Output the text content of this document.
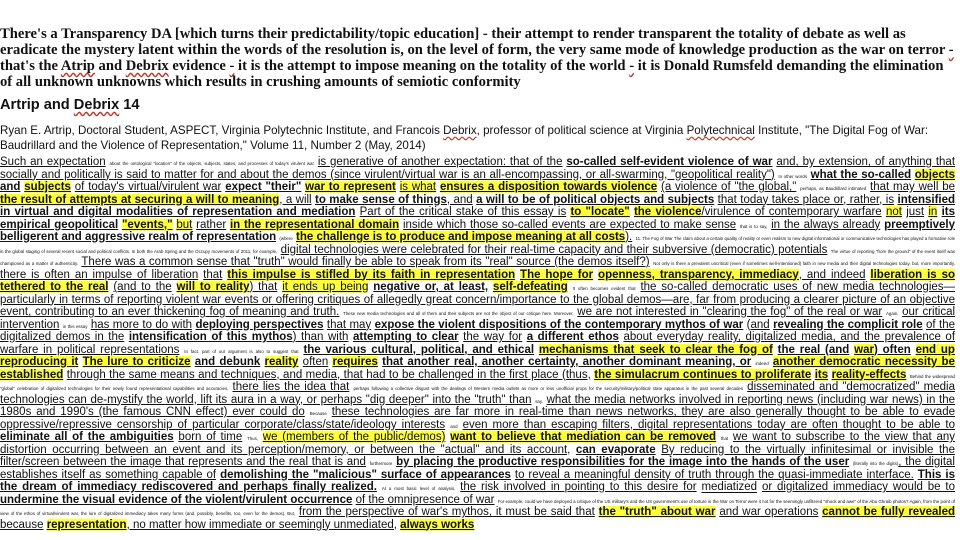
There's a Transparency DA [which turns their predictability/topic education] - their attempt to render transparent the totality of debate as well as eradicate the mystery latent within the words of the resolution is, on the level of form, the very same mode of knowledge production as the war on terror - that's the Atrip and Debrix evidence - it is the attempt to impose meaning on the totality of the world - it is Donald Rumsfeld demanding the elimination of all unknown unknowns which results in crushing amounts of semiotic conformity
Artrip and Debrix 14
Ryan E. Artrip, Doctoral Student, ASPECT, Virginia Polytechnic Institute, and Francois Debrix, professor of political science at Virginia Polytechnical Institute, "The Digital Fog of War: Baudrillard and the Violence of Representation," Volume 11, Number 2 (May, 2014)
Such an expectation about the ontological "location" of the objects, subjects, states, and processes of today's virulent war is generative of another expectation: that of the so-called self-evident violence of war and, by extension, of anything that socially and politically is said to matter for and about the demos (since virulent/virtual war is an all-encompassing, or all-swarming, "geopolitical reality") In other words what the so-called objects and subjects of today's virtual/virulent war expect "their" war to represent is what ensures a disposition towards violence (a violence of "the global," perhaps, as Baudrillard intimated that may well be the result of attempts at securing a will to meaning, a will to make sense of things, and a will to be of political objects and subjects that today takes place or, rather, is intensified in virtual and digital modalities of representation and mediation Part of the critical stake of this essay is to "locate" the violence/virulence of contemporary warfare not just in its empirical geopolitical "events," but rather in the representational domain inside which those so-called events are expected to make sense that is to say, in the always already preemptively belligerent and aggressive realm of representation (where the challenge is to produce and impose meaning at all costs). 11. The Fog of War The claim about a certain quality of reality or even realism to new digital informational or communicative technologies has played a formative role in the global staging of several recent social and political conflicts. In both the Arab Spring and the Occupy movements of 2011, for example, digital technologies were celebrated for their real-time capacity and their subversive (democratic) potentials The virtue of reporting "from the ground" of the event itself was championed as a matter of authenticity. There was a common sense that "truth" would finally be able to speak from its "real" source (the demos itself?) Not only is there a prevalent uncritical (even if sometimes well-intentioned) faith in new media and their digital technologies today, but, more importantly, there is often an impulse of liberation that this impulse is stifled by its faith in representation The hope for openness, transparency, immediacy, and indeed liberation is so tethered to the real (and to the will to reality) that it ends up being negative or, at least, self-defeating It often becomes evident that the so-called democratic uses of new media technologies—particularly in terms of reporting violent war events or offering critiques of allegedly great concern/importance to the global demos—are, far from producing a clearer picture of an objective event, contributing to an ever thickening fog of meaning and truth. These new media technologies and all of them and their subjects are not the object of our critique here. Moreover, we are not interested in "clearing the fog" of the real or war Again, our critical intervention in this essay has more to do with deploying perspectives that may expose the violent dispositions of the contemporary mythos of war (and revealing the complicit role of the digitalized demos in the intensification of this mythos) than with attempting to clear the way for a different ethos about everyday reality, digitalized media, and the prevalence of warfare in political representations In fact, part of our argument is also to suggest that the various cultural, political, and ethical mechanisms that seek to clear the fog of the real (and war) often end up reproducing it The lure to criticize and debunk reality often requires that another real, another certainty, another dominant meaning, or indeed another democratic necessity be established through the same means and techniques, and media, that had to be challenged in the first place (thus, the simulacrum continues to proliferate its reality-effects Behind the widespread "global" celebration of digitalized technologies for their newly found representational capabilities and accuracies, there lies the idea that perhaps following a collective disgust with the dealings of Western media outlets as more or less unofficial props for the security/military/political state apparatus in the past several decades disseminated and "democratized" media technologies can de-mystify the world, lift its aura in a way, or perhaps "dig deeper" into the "truth" than say, what the media networks involved in reporting news (including war news) in the 1980s and 1990's (the famous CNN effect) ever could do Because these technologies are far more in real-time than news networks, they are also generally thought to be able to evade oppressive/repressive censorship of particular corporate/class/state/ideology interests and even more than escaping filters, digital representations today are often thought to be able to eliminate all of the ambiguities born of time Thus, we (members of the public/demos) want to believe that mediation can be removed that we want to subscribe to the view that any distortion occurring between an event and its perception/memory, or between the "actual" and its account, can evaporate By reducing to the virtually infinitesimal or invisible the filter/screen between the image that represents and the real that is and furthermore by placing the productive responsibilities for the image into the hands of the user (literally into the digits), the digital establishes itself as something capable of demolishing the "malicious" surface of appearances to reveal a meaningful density of truth through the quasi-immediate interface. This is the dream of immediacy rediscovered and perhaps finally realized. At a most basic level of analysis, the risk involved in pointing to this desire for mediatized or digitalized immediacy would be to undermine the visual evidence of the violent/virulent occurrence of the omnipresence of war For example, could we have deployed a critique of the US military's and the US government's use of torture in the War on Terror were it not for the seemingly unfiltered "shock and awe" of the Abu Ghraib photos? Again, from the point of view of the ethos of virtual/virulent war, the lure of digitalized immediacy takes many forms (and, possibly, benefits, too, even for the demos). But, from the perspective of war's mythos, it must be said that the "truth" about war and war operations cannot be fully revealed because representation, no matter how immediate or seemingly unmediated, always works
